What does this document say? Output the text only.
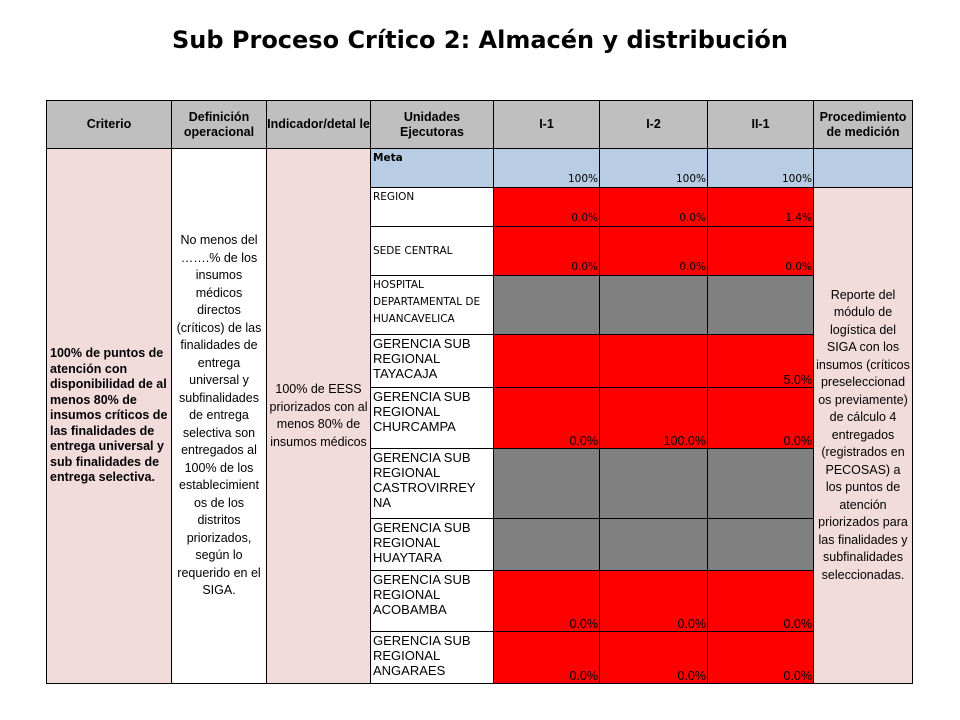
Sub Proceso Crítico 2: Almacén y distribución
Criterio	Definición operacional	Indicador/detal le	Unidades Ejecutoras	I-1	I-2	II-1	Procedimiento de medición
100% de puntos de atención con disponibilidad de al menos 80% de insumos críticos de las finalidades de entrega universal y sub finalidades de entrega selectiva.	No menos del …….% de los insumos médicos directos (críticos) de las finalidades de entrega universal y subfinalidades de entrega selectiva son entregados al 100% de los establecimient os de los distritos priorizados, según lo requerido en el SIGA.	100% de EESS priorizados con al menos 80% de insumos médicos	Meta	100%	100%	100%	
			REGION	0.0%	0.0%	1.4%	Reporte del módulo de logística del SIGA con los insumos (críticos preseleccionad os previamente) de cálculo 4 entregados (registrados en PECOSAS) a los puntos de atención priorizados para las finalidades y subfinalidades seleccionadas.
			SEDE CENTRAL	0.0%	0.0%	0.0%	
			HOSPITAL DEPARTAMENTAL DE HUANCAVELICA				
			GERENCIA SUB REGIONAL TAYACAJA			5.0%	
			GERENCIA SUB REGIONAL CHURCAMPA	0.0%	100.0%	0.0%	
			GERENCIA SUB REGIONAL CASTROVIRREY NA				
			GERENCIA SUB REGIONAL HUAYTARA				
			GERENCIA SUB REGIONAL ACOBAMBA	0.0%	0.0%	0.0%	
			GERENCIA SUB REGIONAL ANGARAES	0.0%	0.0%	0.0%	
